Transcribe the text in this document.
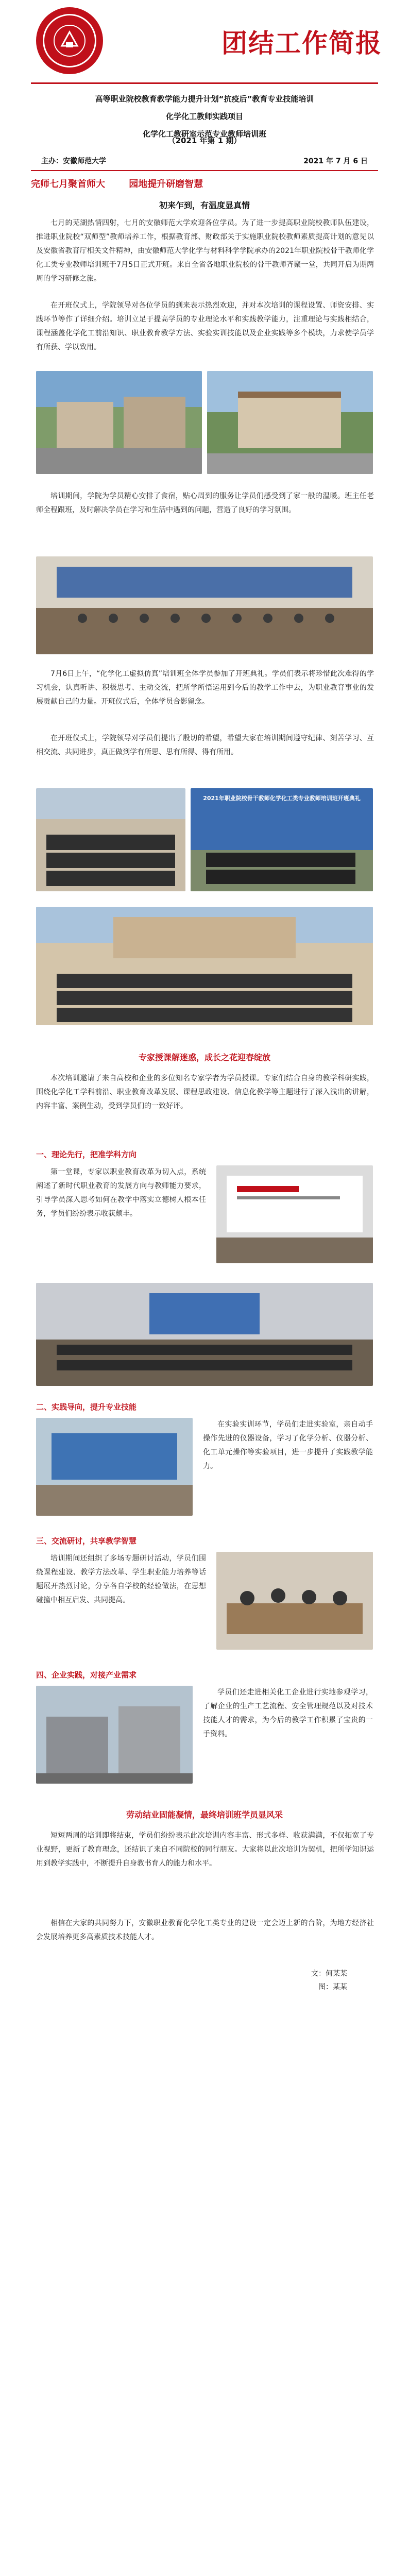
团结工作简报
高等职业院校教育教学能力提升计划“抗疫后”教育专业技能培训
化学化工教师实践项目
化学化工教研室示范专业教师培训班
（2021 年第 1 期）
主办：安徽师范大学	2021 年 7 月 6 日
完师七月聚首师大	园地提升研磨智慧
初来乍到，有温度显真情
七月的芜湖热情四射，七月的安徽师范大学欢迎各位学员。为了进一步提高职业院校教师队伍建设，推进职业院校“双师型”教师培养工作，根据教育部、财政部关于实施职业院校教师素质提高计划的意见以及安徽省教育厅相关文件精神，由安徽师范大学化学与材料科学学院承办的2021年职业院校骨干教师化学化工类专业教师培训班于7月5日正式开班。来自全省各地职业院校的骨干教师齐聚一堂，共同开启为期两周的学习研修之旅。
在开班仪式上，学院领导对各位学员的到来表示热烈欢迎，并对本次培训的课程设置、师资安排、实践环节等作了详细介绍。培训立足于提高学员的专业理论水平和实践教学能力，注重理论与实践相结合，课程涵盖化学化工前沿知识、职业教育教学方法、实验实训技能以及企业实践等多个模块，力求使学员学有所获、学以致用。
培训期间，学院为学员精心安排了食宿，贴心周到的服务让学员们感受到了家一般的温暖。班主任老师全程跟班，及时解决学员在学习和生活中遇到的问题，营造了良好的学习氛围。
7月6日上午，“化学化工虚拟仿真”培训班全体学员参加了开班典礼。学员们表示将珍惜此次难得的学习机会，认真听讲、积极思考、主动交流，把所学所悟运用到今后的教学工作中去，为职业教育事业的发展贡献自己的力量。开班仪式后，全体学员合影留念。
在开班仪式上，学院领导对学员们提出了殷切的希望，希望大家在培训期间遵守纪律、刻苦学习、互相交流、共同进步，真正做到学有所思、思有所得、得有所用。
2021年职业院校骨干教师化学化工类专业教师培训班开班典礼
专家授课解迷惑，成长之花迎春绽放
本次培训邀请了来自高校和企业的多位知名专家学者为学员授课。专家们结合自身的教学科研实践，围绕化学化工学科前沿、职业教育改革发展、课程思政建设、信息化教学等主题进行了深入浅出的讲解，内容丰富、案例生动，受到学员们的一致好评。
一、理论先行，把准学科方向
第一堂课，专家以职业教育改革为切入点，系统阐述了新时代职业教育的发展方向与教师能力要求，引导学员深入思考如何在教学中落实立德树人根本任务，学员们纷纷表示收获颇丰。
二、实践导向，提升专业技能
在实验实训环节，学员们走进实验室，亲自动手操作先进的仪器设备，学习了化学分析、仪器分析、化工单元操作等实验项目，进一步提升了实践教学能力。
三、交流研讨，共享教学智慧
培训期间还组织了多场专题研讨活动，学员们围绕课程建设、教学方法改革、学生职业能力培养等话题展开热烈讨论，分享各自学校的经验做法，在思想碰撞中相互启发、共同提高。
四、企业实践，对接产业需求
学员们还走进相关化工企业进行实地参观学习，了解企业的生产工艺流程、安全管理规范以及对技术技能人才的需求，为今后的教学工作积累了宝贵的一手资料。
劳动结业固能凝情，最终培训班学员显风采
短短两周的培训即将结束，学员们纷纷表示此次培训内容丰富、形式多样、收获满满，不仅拓宽了专业视野，更新了教育理念，还结识了来自不同院校的同行朋友。大家将以此次培训为契机，把所学知识运用到教学实践中，不断提升自身教书育人的能力和水平。
相信在大家的共同努力下，安徽职业教育化学化工类专业的建设一定会迈上新的台阶，为地方经济社会发展培养更多高素质技术技能人才。
文：何某某
图：某某
